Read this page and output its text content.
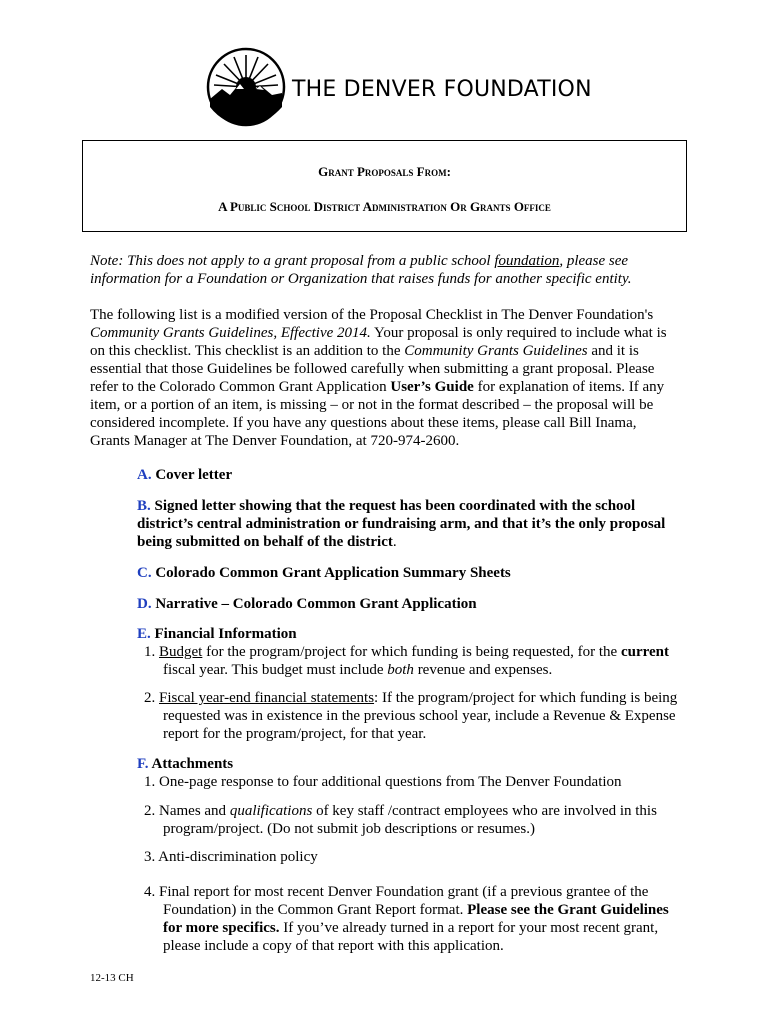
THE DENVER FOUNDATION
Grant Proposals From:
A Public School District Administration Or Grants Office
Note: This does not apply to a grant proposal from a public school foundation, please see information for a Foundation or Organization that raises funds for another specific entity.
The following list is a modified version of the Proposal Checklist in The Denver Foundation's Community Grants Guidelines, Effective 2014. Your proposal is only required to include what is on this checklist. This checklist is an addition to the Community Grants Guidelines and it is essential that those Guidelines be followed carefully when submitting a grant proposal. Please refer to the Colorado Common Grant Application User’s Guide for explanation of items. If any item, or a portion of an item, is missing – or not in the format described – the proposal will be considered incomplete. If you have any questions about these items, please call Bill Inama, Grants Manager at The Denver Foundation, at 720-974-2600.
A. Cover letter
B. Signed letter showing that the request has been coordinated with the school district’s central administration or fundraising arm, and that it’s the only proposal being submitted on behalf of the district.
C. Colorado Common Grant Application Summary Sheets
D. Narrative – Colorado Common Grant Application
E. Financial Information
1. Budget for the program/project for which funding is being requested, for the current fiscal year. This budget must include both revenue and expenses.
2. Fiscal year-end financial statements: If the program/project for which funding is being requested was in existence in the previous school year, include a Revenue & Expense report for the program/project, for that year.
F. Attachments
1. One-page response to four additional questions from The Denver Foundation
2. Names and qualifications of key staff /contract employees who are involved in this program/project. (Do not submit job descriptions or resumes.)
3. Anti-discrimination policy
4. Final report for most recent Denver Foundation grant (if a previous grantee of the Foundation) in the Common Grant Report format. Please see the Grant Guidelines for more specifics. If you’ve already turned in a report for your most recent grant, please include a copy of that report with this application.
12-13 CH
